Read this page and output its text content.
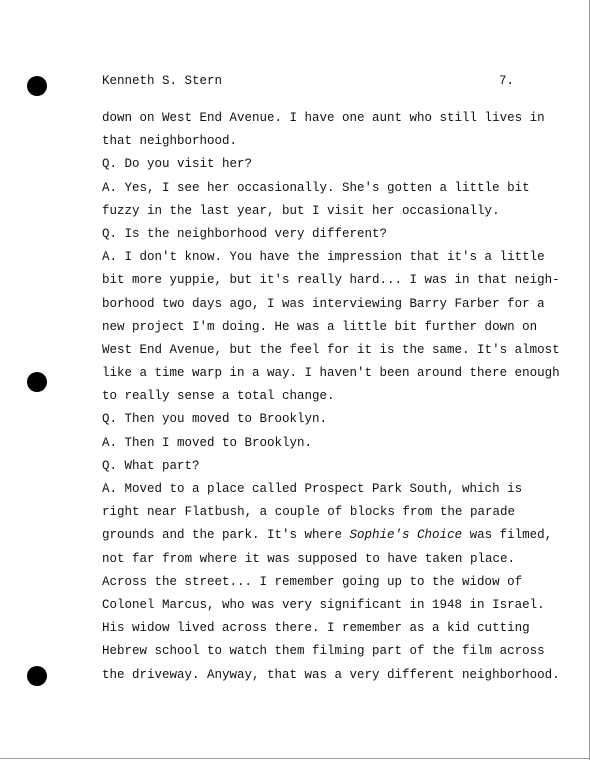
Kenneth S. Stern	7.
down on West End Avenue. I have one aunt who still lives in
that neighborhood.
Q. Do you visit her?
A. Yes, I see her occasionally. She's gotten a little bit
fuzzy in the last year, but I visit her occasionally.
Q. Is the neighborhood very different?
A. I don't know. You have the impression that it's a little
bit more yuppie, but it's really hard... I was in that neigh-
borhood two days ago, I was interviewing Barry Farber for a
new project I'm doing. He was a little bit further down on
West End Avenue, but the feel for it is the same. It's almost
like a time warp in a way. I haven't been around there enough
to really sense a total change.
Q. Then you moved to Brooklyn.
A. Then I moved to Brooklyn.
Q. What part?
A. Moved to a place called Prospect Park South, which is
right near Flatbush, a couple of blocks from the parade
grounds and the park. It's where Sophie's Choice was filmed,
not far from where it was supposed to have taken place.
Across the street... I remember going up to the widow of
Colonel Marcus, who was very significant in 1948 in Israel.
His widow lived across there. I remember as a kid cutting
Hebrew school to watch them filming part of the film across
the driveway. Anyway, that was a very different neighborhood.
